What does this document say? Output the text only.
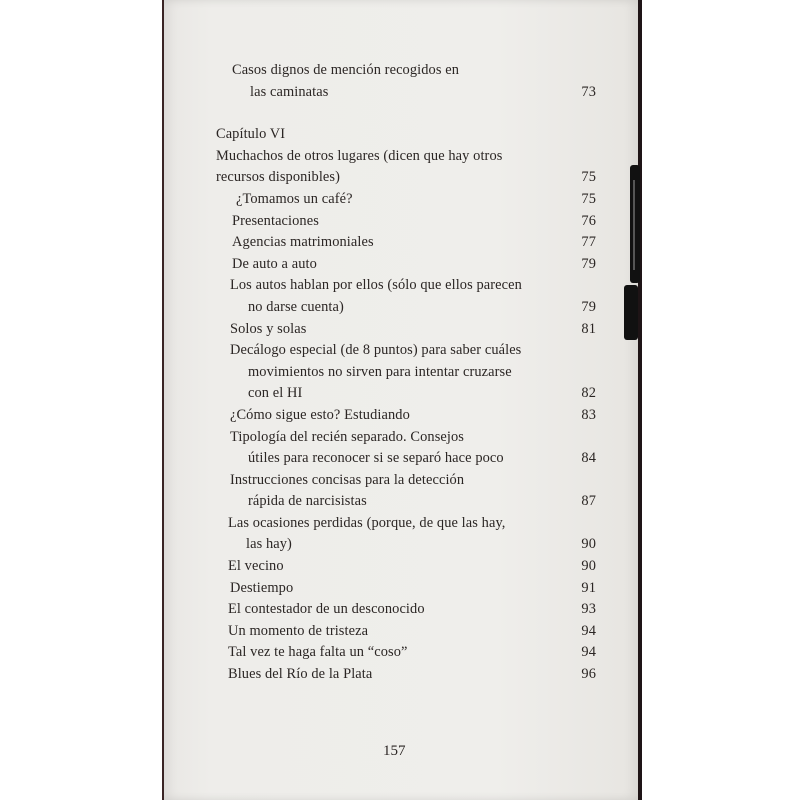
Casos dignos de mención recogidos en
las caminatas	73
Capítulo VI
Muchachos de otros lugares (dicen que hay otros
recursos disponibles)	75
¿Tomamos un café?	75
Presentaciones	76
Agencias matrimoniales	77
De auto a auto	79
Los autos hablan por ellos (sólo que ellos parecen
no darse cuenta)	79
Solos y solas	81
Decálogo especial (de 8 puntos) para saber cuáles
movimientos no sirven para intentar cruzarse
con el HI	82
¿Cómo sigue esto? Estudiando	83
Tipología del recién separado. Consejos
útiles para reconocer si se separó hace poco	84
Instrucciones concisas para la detección
rápida de narcisistas	87
Las ocasiones perdidas (porque, de que las hay,
las hay)	90
El vecino	90
Destiempo	91
El contestador de un desconocido	93
Un momento de tristeza	94
Tal vez te haga falta un “coso”	94
Blues del Río de la Plata	96
157
